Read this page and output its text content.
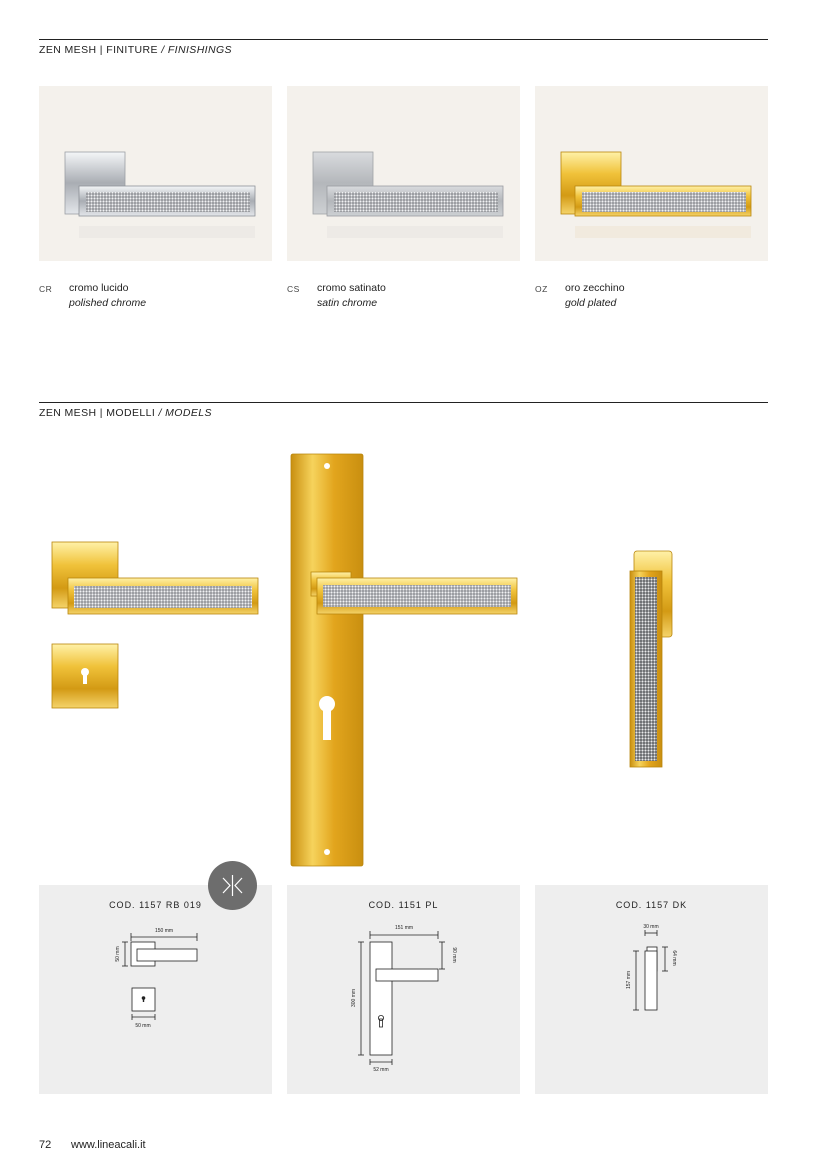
ZEN MESH | FINITURE / FINISHINGS
CR cromo lucido
polished chrome
CS cromo satinato
satin chrome
OZ oro zecchino
gold plated
ZEN MESH | MODELLI / MODELS
COD. 1157 RB 019
150 mm
50 mm
50 mm
COD. 1151 PL
151 mm
90 mm
300 mm
52 mm
COD. 1157 DK
30 mm
64 mm
157 mm
72 www.lineacali.it
